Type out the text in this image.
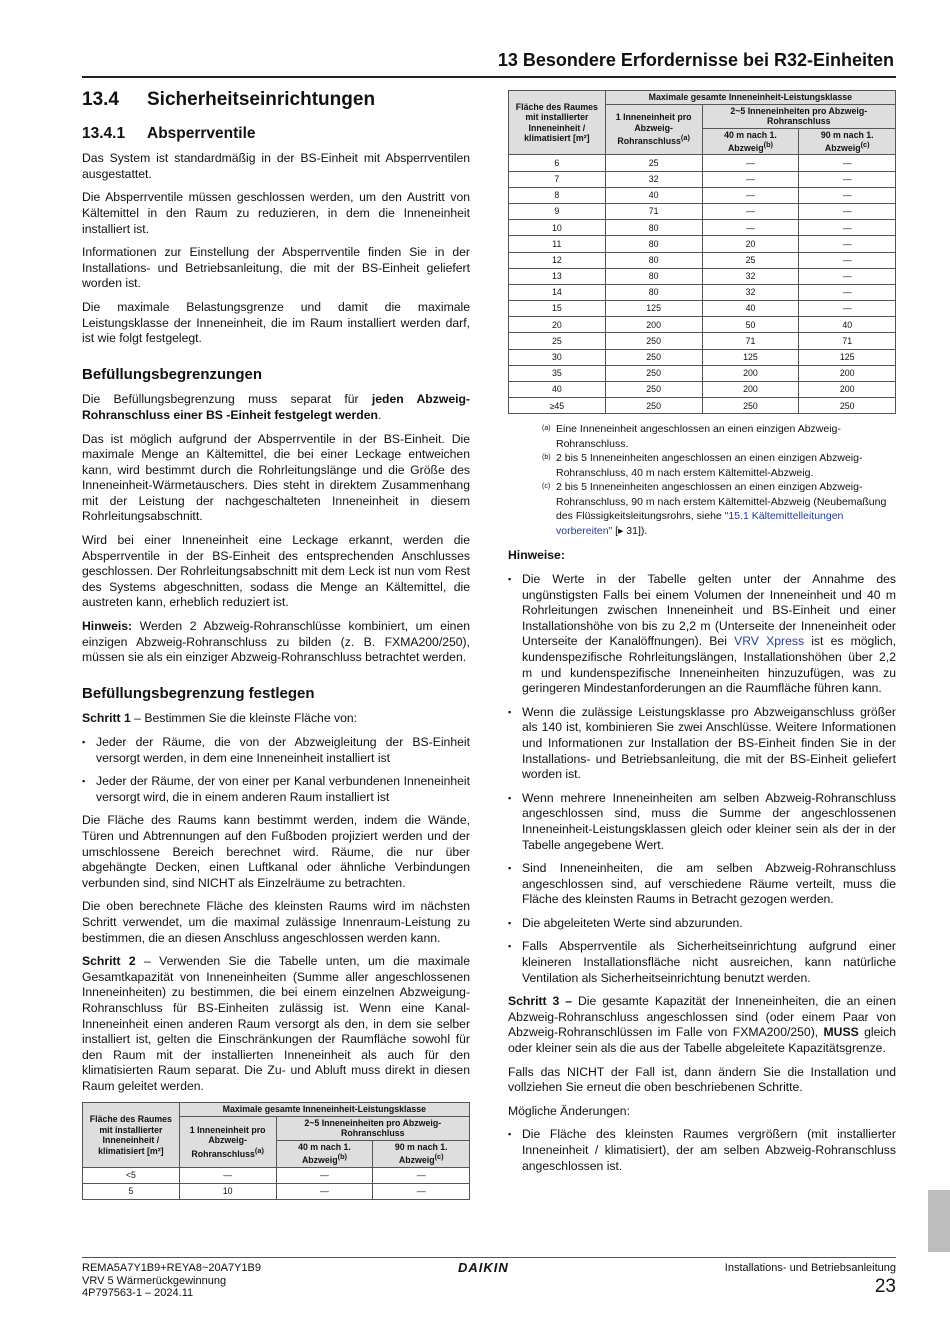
13 Besondere Erfordernisse bei R32-Einheiten
13.4	Sicherheitseinrichtungen
13.4.1	Absperrventile

Das System ist standardmäßig in der BS-Einheit mit Absperrventilen ausgestattet.

Die Absperrventile müssen geschlossen werden, um den Austritt von Kältemittel in den Raum zu reduzieren, in dem die Inneneinheit installiert ist.

Informationen zur Einstellung der Absperrventile finden Sie in der Installations- und Betriebsanleitung, die mit der BS-Einheit geliefert worden ist.

Die maximale Belastungsgrenze und damit die maximale Leistungsklasse der Inneneinheit, die im Raum installiert werden darf, ist wie folgt festgelegt.

Befüllungsbegrenzungen

Die Befüllungsbegrenzung muss separat für jeden Abzweig-Rohranschluss einer BS -Einheit festgelegt werden.

Das ist möglich aufgrund der Absperrventile in der BS-Einheit. Die maximale Menge an Kältemittel, die bei einer Leckage entweichen kann, wird bestimmt durch die Rohrleitungslänge und die Größe des Inneneinheit-Wärmetauschers. Dies steht in direktem Zusammenhang mit der Leistung der nachgeschalteten Inneneinheit in diesem Rohrleitungsabschnitt.

Wird bei einer Inneneinheit eine Leckage erkannt, werden die Absperrventile in der BS-Einheit des entsprechenden Anschlusses geschlossen. Der Rohrleitungsabschnitt mit dem Leck ist nun vom Rest des Systems abgeschnitten, sodass die Menge an Kältemittel, die austreten kann, erheblich reduziert ist.

Hinweis: Werden 2 Abzweig-Rohranschlüsse kombiniert, um einen einzigen Abzweig-Rohranschluss zu bilden (z. B. FXMA200/250), müssen sie als ein einziger Abzweig-Rohranschluss betrachtet werden.

Befüllungsbegrenzung festlegen

Schritt 1 – Bestimmen Sie die kleinste Fläche von:

▪ Jeder der Räume, die von der Abzweigleitung der BS-Einheit versorgt werden, in dem eine Inneneinheit installiert ist
▪ Jeder der Räume, der von einer per Kanal verbundenen Inneneinheit versorgt wird, die in einem anderen Raum installiert ist

Die Fläche des Raums kann bestimmt werden, indem die Wände, Türen und Abtrennungen auf den Fußboden projiziert werden und der umschlossene Bereich berechnet wird. Räume, die nur über abgehängte Decken, einen Luftkanal oder ähnliche Verbindungen verbunden sind, sind NICHT als Einzelräume zu betrachten.

Die oben berechnete Fläche des kleinsten Raums wird im nächsten Schritt verwendet, um die maximal zulässige Innenraum-Leistung zu bestimmen, die an diesen Anschluss angeschlossen werden kann.

Schritt 2 – Verwenden Sie die Tabelle unten, um die maximale Gesamtkapazität von Inneneinheiten (Summe aller angeschlossenen Inneneinheiten) zu bestimmen, die bei einem einzelnen Abzweigung-Rohranschluss für BS-Einheiten zulässig ist. Wenn eine Kanal-Inneneinheit einen anderen Raum versorgt als den, in dem sie selber installiert ist, gelten die Einschränkungen der Raumfläche sowohl für den Raum mit der installierten Inneneinheit als auch für den klimatisierten Raum separat. Die Zu- und Abluft muss direkt in diesen Raum geleitet werden.

Fläche des Raumes mit installierter Inneneinheit / klimatisiert [m²]	Maximale gesamte Inneneinheit-Leistungsklasse		
	1 Inneneinheit pro Abzweig-Rohranschluss$^{(a)}$	2~5 Inneneinheiten pro Abzweig-Rohranschluss	
		40 m nach 1. Abzweig$^{(b)}$	90 m nach 1. Abzweig$^{(c)}$
<5	—	—	—
5	10	—	—
Fläche des Raumes mit installierter Inneneinheit / klimatisiert [m²]	Maximale gesamte Inneneinheit-Leistungsklasse		
	1 Inneneinheit pro Abzweig-Rohranschluss$^{(a)}$	2~5 Inneneinheiten pro Abzweig-Rohranschluss	
		40 m nach 1. Abzweig$^{(b)}$	90 m nach 1. Abzweig$^{(c)}$
6	25	—	—
7	32	—	—
8	40	—	—
9	71	—	—
10	80	—	—
11	80	20	—
12	80	25	—
13	80	32	—
14	80	32	—
15	125	40	—
20	200	50	40
25	250	71	71
30	250	125	125
35	250	200	200
40	250	200	200
≥45	250	250	250
(a) Eine Inneneinheit angeschlossen an einen einzigen Abzweig-Rohranschluss.
(b) 2 bis 5 Inneneinheiten angeschlossen an einen einzigen Abzweig-Rohranschluss, 40 m nach erstem Kältemittel-Abzweig.
(c) 2 bis 5 Inneneinheiten angeschlossen an einen einzigen Abzweig-Rohranschluss, 90 m nach erstem Kältemittel-Abzweig (Neubemaßung des Flüssigkeitsleitungsrohrs, siehe "15.1 Kältemittelleitungen vorbereiten" [▸ 31]).

Hinweise:

▪ Die Werte in der Tabelle gelten unter der Annahme des ungünstigsten Falls bei einem Volumen der Inneneinheit und 40 m Rohrleitungen zwischen Inneneinheit und BS-Einheit und einer Installationshöhe von bis zu 2,2 m (Unterseite der Inneneinheit oder Unterseite der Kanalöffnungen). Bei VRV Xpress ist es möglich, kundenspezifische Rohrleitungslängen, Installationshöhen über 2,2 m und kundenspezifische Inneneinheiten hinzuzufügen, was zu geringeren Mindestanforderungen an die Raumfläche führen kann.
▪ Wenn die zulässige Leistungsklasse pro Abzweiganschluss größer als 140 ist, kombinieren Sie zwei Anschlüsse. Weitere Informationen und Informationen zur Installation der BS-Einheit finden Sie in der Installations- und Betriebsanleitung, die mit der BS-Einheit geliefert worden ist.
▪ Wenn mehrere Inneneinheiten am selben Abzweig-Rohranschluss angeschlossen sind, muss die Summe der angeschlossenen Inneneinheit-Leistungsklassen gleich oder kleiner sein als der in der Tabelle angegebene Wert.
▪ Sind Inneneinheiten, die am selben Abzweig-Rohranschluss angeschlossen sind, auf verschiedene Räume verteilt, muss die Fläche des kleinsten Raums in Betracht gezogen werden.
▪ Die abgeleiteten Werte sind abzurunden.
▪ Falls Absperrventile als Sicherheitseinrichtung aufgrund einer kleineren Installationsfläche nicht ausreichen, kann natürliche Ventilation als Sicherheitseinrichtung benutzt werden.

Schritt 3 – Die gesamte Kapazität der Inneneinheiten, die an einen Abzweig-Rohranschluss angeschlossen sind (oder einem Paar von Abzweig-Rohranschlüssen im Falle von FXMA200/250), MUSS gleich oder kleiner sein als die aus der Tabelle abgeleitete Kapazitätsgrenze.

Falls das NICHT der Fall ist, dann ändern Sie die Installation und vollziehen Sie erneut die oben beschriebenen Schritte.

Mögliche Änderungen:

▪ Die Fläche des kleinsten Raumes vergrößern (mit installierter Inneneinheit / klimatisiert), der am selben Abzweig-Rohranschluss angeschlossen ist.
REMA5A7Y1B9+REYA8~20A7Y1B9
VRV 5 Wärmerückgewinnung
4P797563-1 – 2024.11
DAIKIN	Installations- und Betriebsanleitung
23
